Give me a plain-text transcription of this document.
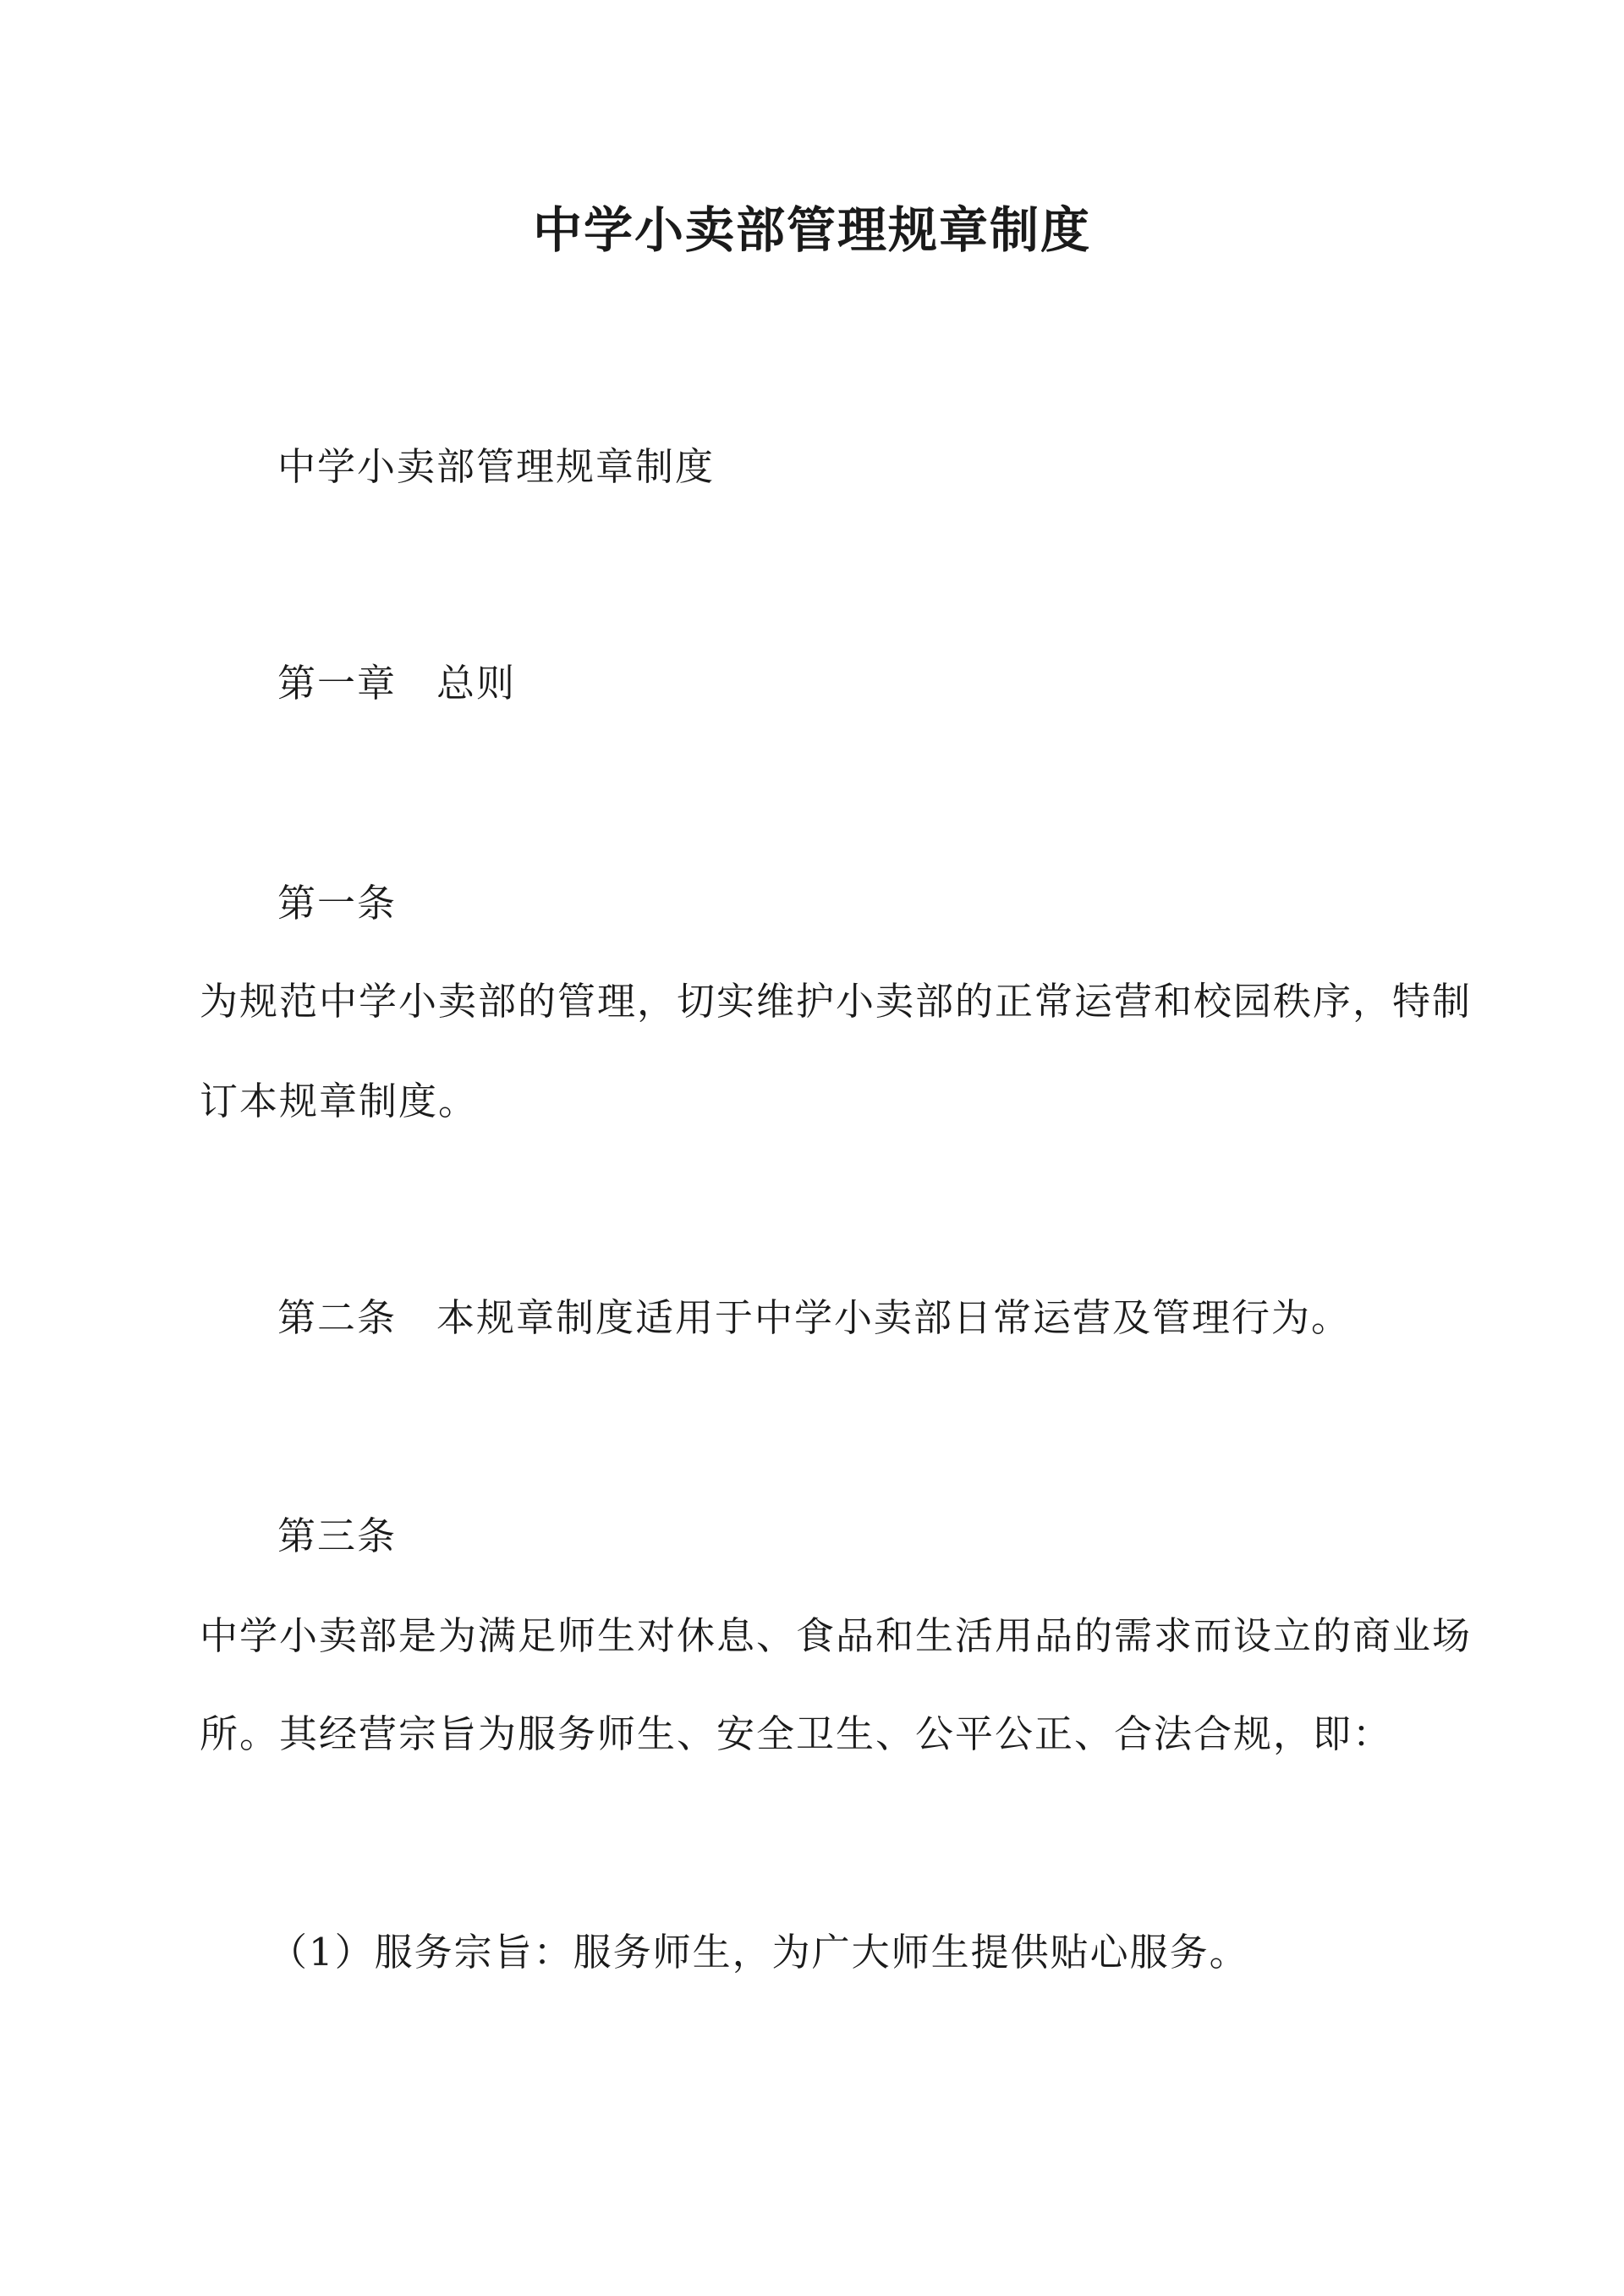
中学小卖部管理规章制度
中学小卖部管理规章制度
第一章　总则
第一条
为规范中学小卖部的管理，切实维护小卖部的正常运营和校园秩序，特制
订本规章制度。
第二条　本规章制度适用于中学小卖部日常运营及管理行为。
第三条
中学小卖部是为满足师生对休息、食品和生活用品的需求而设立的商业场
所。其经营宗旨为服务师生、安全卫生、公平公正、合法合规，即：
（1）服务宗旨：服务师生，为广大师生提供贴心服务。
